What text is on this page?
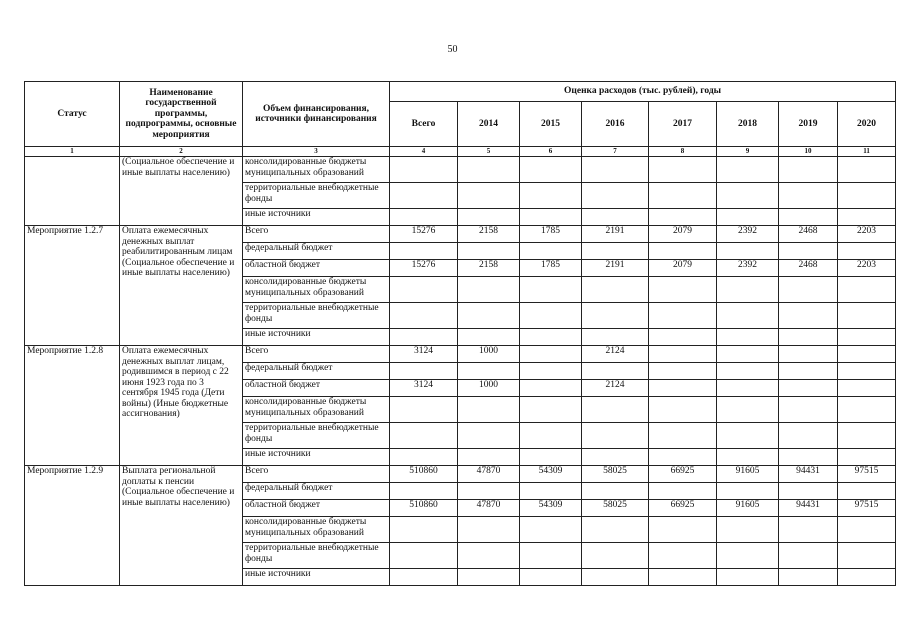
50
Статус	Наименование государственной программы, подпрограммы, основные мероприятия	Объем финансирования, источники финансирования	Оценка расходов (тыс. рублей), годы							
			Всего	2014	2015	2016	2017	2018	2019	2020
1	2	3	4	5	6	7	8	9	10	11
	(Социальное обеспечение и иные выплаты населению)	консолидированные бюджеты муниципальных образований								
		территориальные внебюджетные фонды								
		иные источники								
Мероприятие 1.2.7	Оплата ежемесячных денежных выплат реабилитированным лицам (Социальное обеспечение и иные выплаты населению)	Всего	15276	2158	1785	2191	2079	2392	2468	2203
		федеральный бюджет								
		областной бюджет	15276	2158	1785	2191	2079	2392	2468	2203
		консолидированные бюджеты муниципальных образований								
		территориальные внебюджетные фонды								
		иные источники								
Мероприятие 1.2.8	Оплата ежемесячных денежных выплат лицам, родившимся в период с 22 июня 1923 года по 3 сентября 1945 года (Дети войны) (Иные бюджетные ассигнования)	Всего	3124	1000		2124				
		федеральный бюджет								
		областной бюджет	3124	1000		2124				
		консолидированные бюджеты муниципальных образований								
		территориальные внебюджетные фонды								
		иные источники								
Мероприятие 1.2.9	Выплата региональной доплаты к пенсии (Социальное обеспечение и иные выплаты населению)	Всего	510860	47870	54309	58025	66925	91605	94431	97515
		федеральный бюджет								
		областной бюджет	510860	47870	54309	58025	66925	91605	94431	97515
		консолидированные бюджеты муниципальных образований								
		территориальные внебюджетные фонды								
		иные источники								
